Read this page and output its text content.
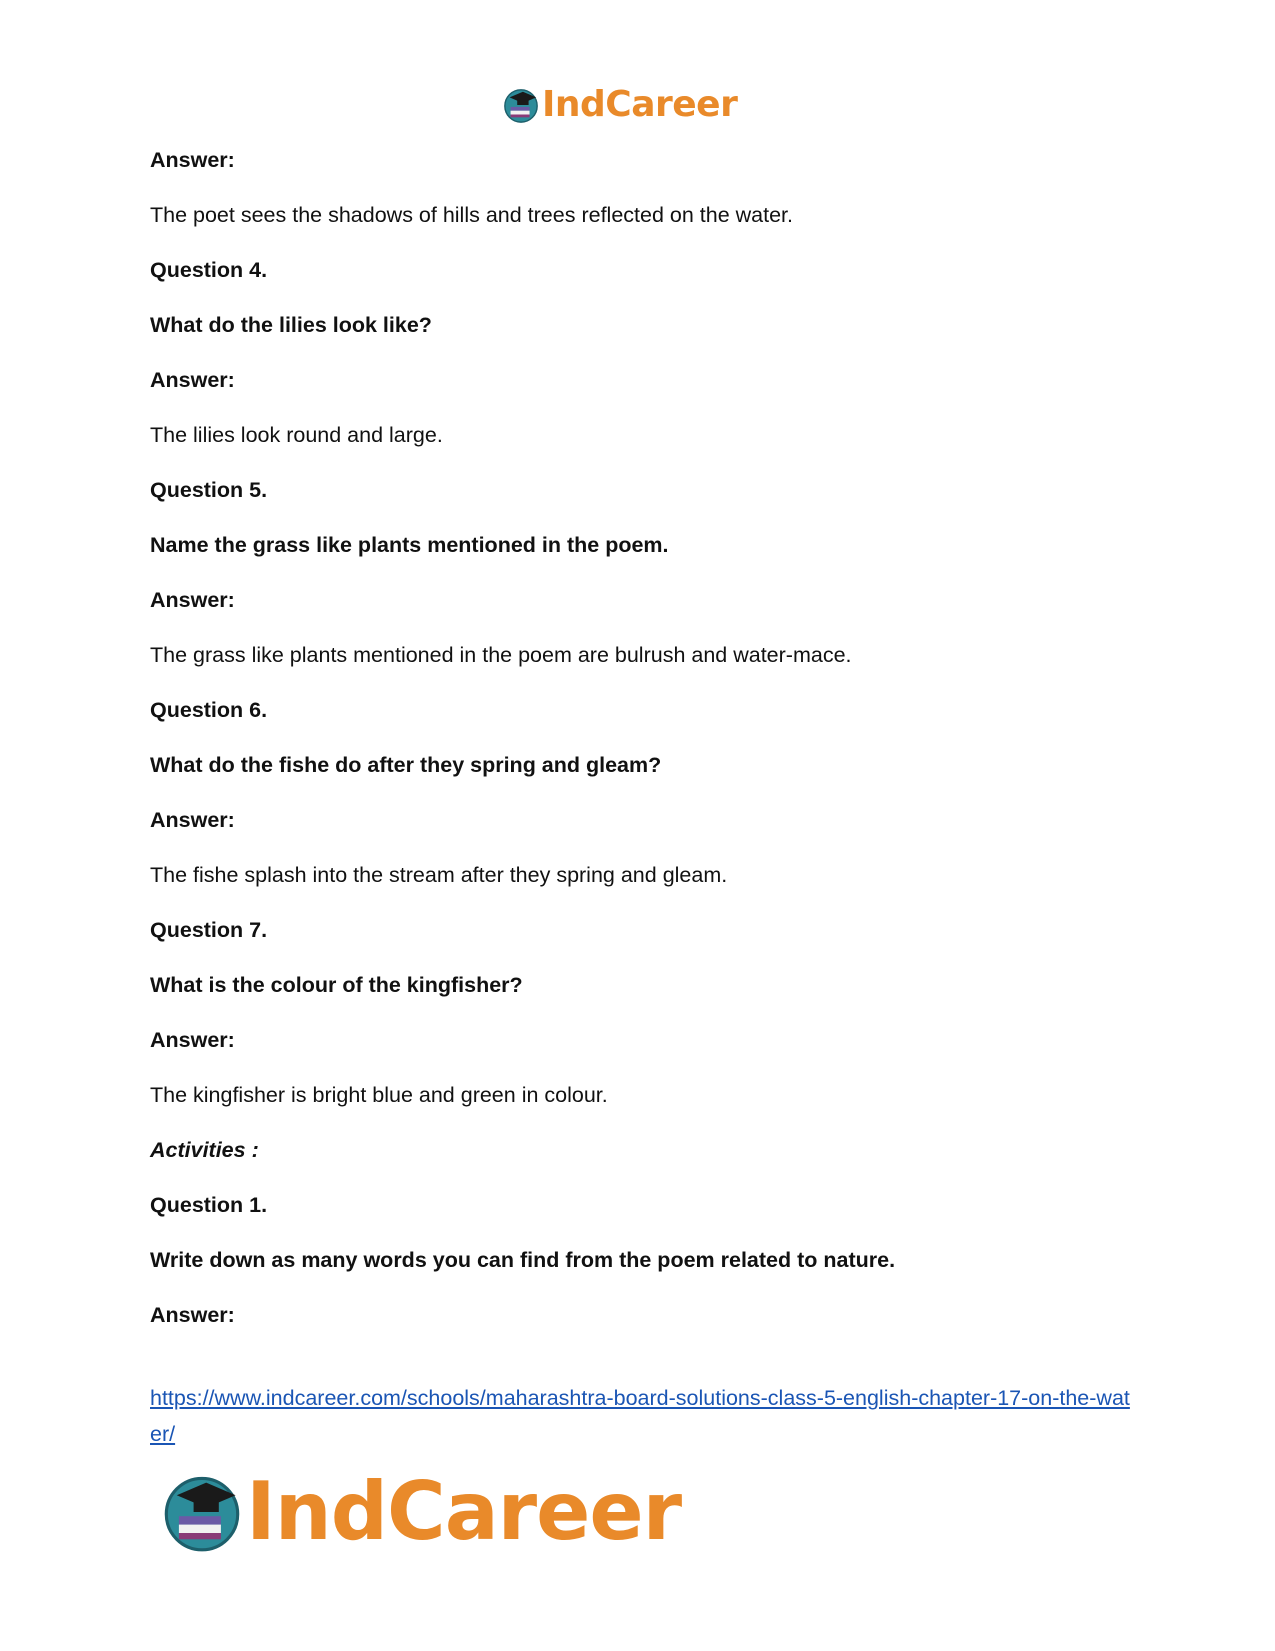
IndCareer
Answer:
The poet sees the shadows of hills and trees reflected on the water.
Question 4.
What do the lilies look like?
Answer:
The lilies look round and large.
Question 5.
Name the grass like plants mentioned in the poem.
Answer:
The grass like plants mentioned in the poem are bulrush and water-mace.
Question 6.
What do the fishe do after they spring and gleam?
Answer:
The fishe splash into the stream after they spring and gleam.
Question 7.
What is the colour of the kingfisher?
Answer:
The kingfisher is bright blue and green in colour.
Activities :
Question 1.
Write down as many words you can find from the poem related to nature.
Answer:
https://www.indcareer.com/schools/maharashtra-board-solutions-class-5-english-chapter-17-on-the-water/
IndCareer
